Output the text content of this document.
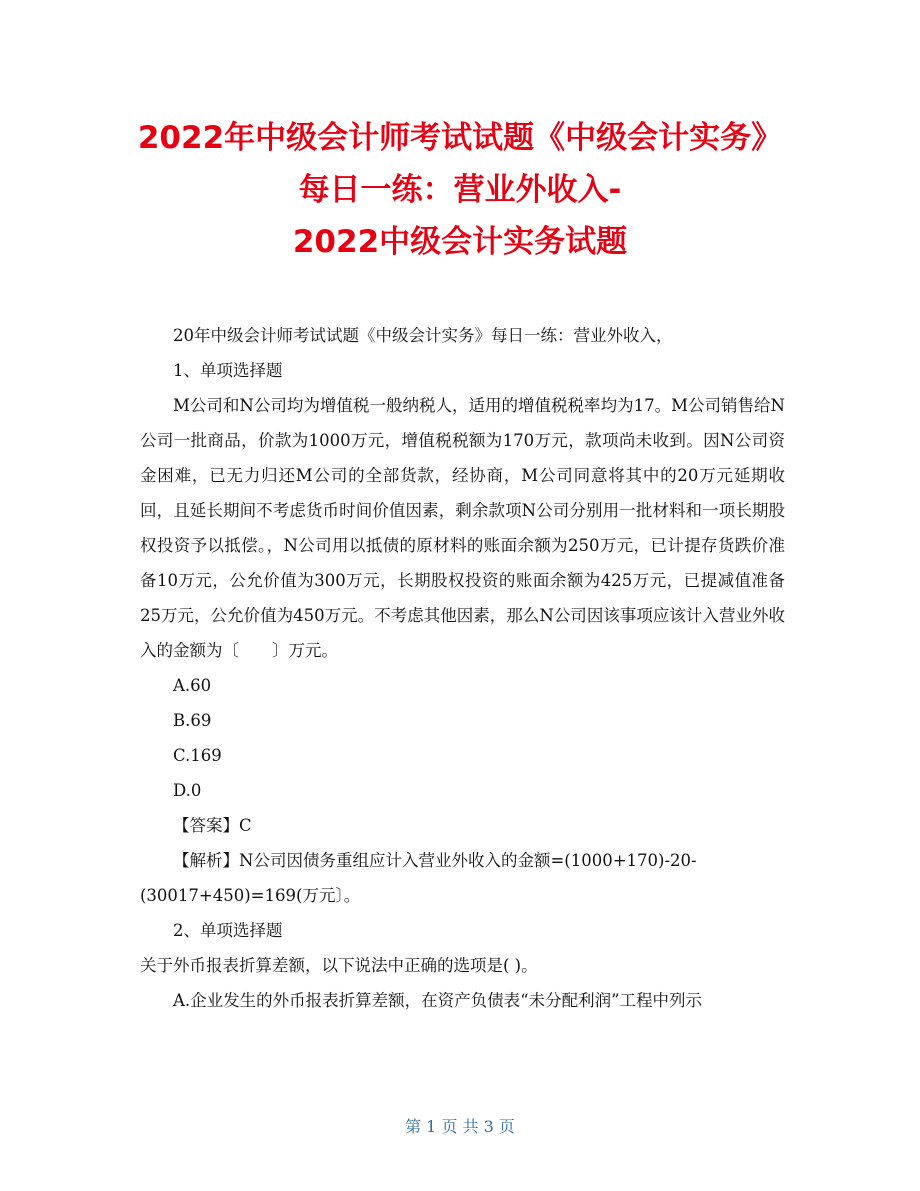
2022年中级会计师考试试题《中级会计实务》
每日一练：营业外收入-
2022中级会计实务试题

20年中级会计师考试试题《中级会计实务》每日一练：营业外收入，

1、单项选择题

M公司和N公司均为增值税一般纳税人，适用的增值税税率均为17。M公司销售给N公司一批商品，价款为1000万元，增值税税额为170万元，款项尚未收到。因N公司资金困难，已无力归还M公司的全部货款，经协商，M公司同意将其中的20万元延期收回，且延长期间不考虑货币时间价值因素，剩余款项N公司分别用一批材料和一项长期股权投资予以抵偿。，N公司用以抵债的原材料的账面余额为250万元，已计提存货跌价准备10万元，公允价值为300万元，长期股权投资的账面余额为425万元，已提减值准备25万元，公允价值为450万元。不考虑其他因素，那么N公司因该事项应该计入营业外收入的金额为〔　　〕万元。

A.60

B.69

C.169

D.0

【答案】C

【解析】N公司因债务重组应计入营业外收入的金额=(1000+170)-20-

(30017+450)=169(万元〕。

2、单项选择题

关于外币报表折算差额，以下说法中正确的选项是( )。

A.企业发生的外币报表折算差额，在资产负债表“未分配利润”工程中列示

第 1 页 共 3 页
